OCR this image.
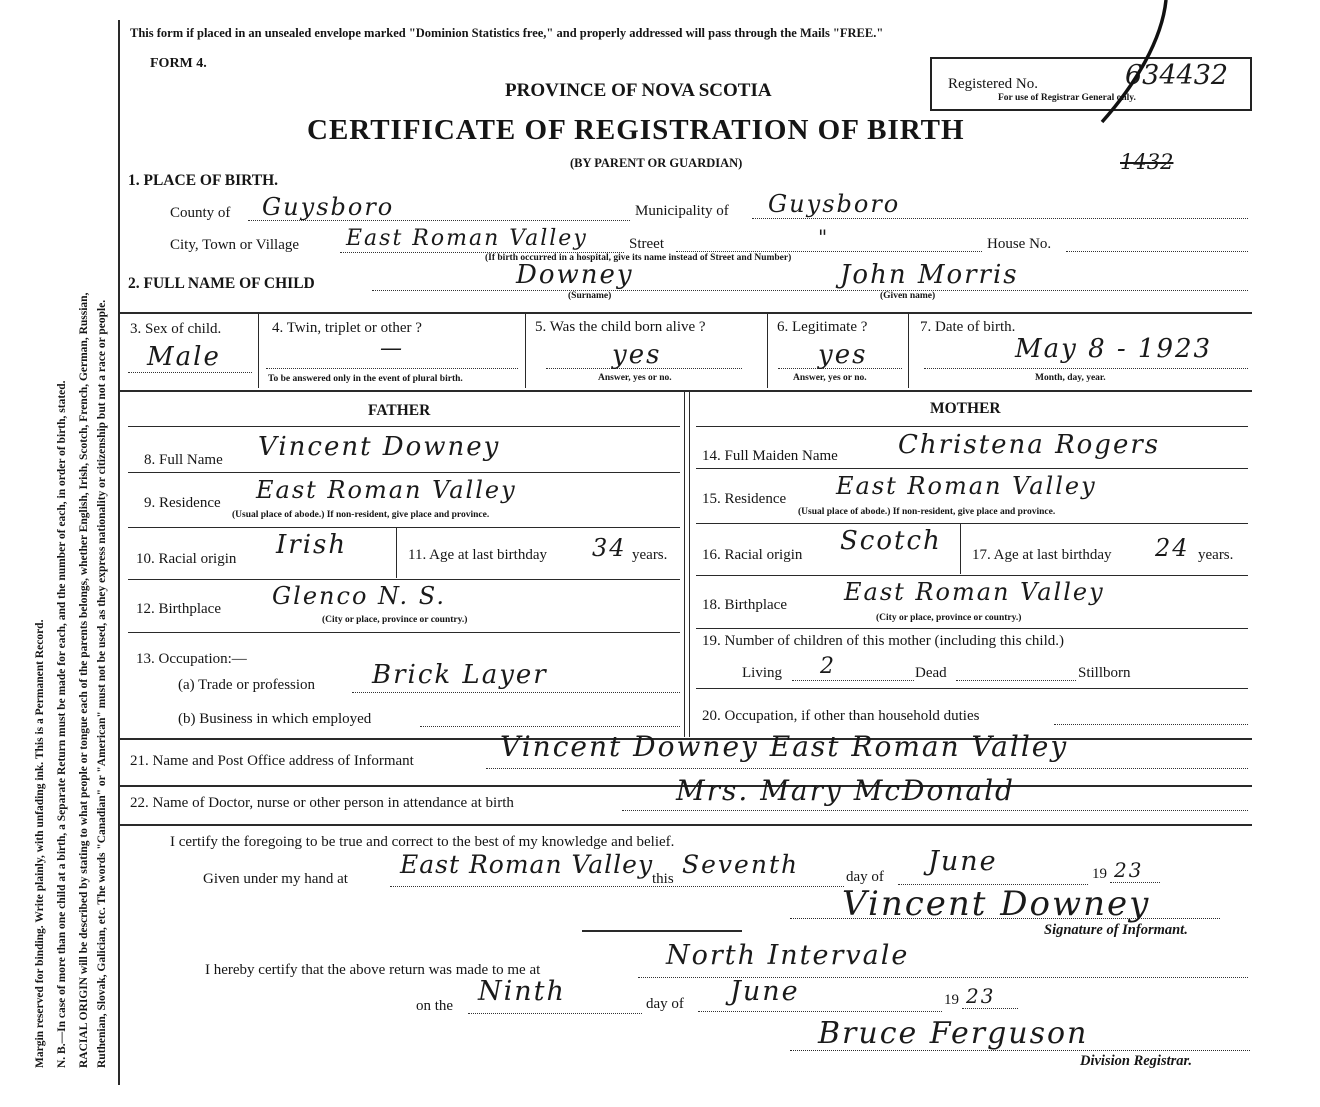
Margin reserved for binding. Write plainly, with unfading ink. This is a Permanent Record. N. B.—In case of more than one child at a birth, a Separate Return must be made for each, and the number of each, in order of birth, stated. RACIAL ORIGIN will be described by stating to what people or tongue each of the parents belongs, whether English, Irish, Scotch, French, German, Russian, Ruthenian, Slovak, Galician, etc. The words "Canadian" or "American" must not be used, as they express nationality or citizenship but not a race or people.
This form if placed in an unsealed envelope marked "Dominion Statistics free," and properly addressed will pass through the Mails "FREE."
FORM 4.
PROVINCE OF NOVA SCOTIA
CERTIFICATE OF REGISTRATION OF BIRTH
(BY PARENT OR GUARDIAN)
Registered No.	634432
For use of Registrar General only.
1432
1. PLACE OF BIRTH.
County of Guysboro	Municipality of Guysboro
City, Town or Village East Roman Valley	Street	"	House No.
(If birth occurred in a hospital, give its name instead of Street and Number)
2. FULL NAME OF CHILD	Downey
(Surname)
John Morris
(Given name)
3. Sex of child.
Male
4. Twin, triplet or other ?
—
To be answered only in the event of plural birth.
5. Was the child born alive ?
yes
Answer, yes or no.
6. Legitimate ?
yes
Answer, yes or no.
7. Date of birth.
May 8 - 1923
Month, day, year.
FATHER	MOTHER
8. Full Name Vincent Downey
9. Residence East Roman Valley
(Usual place of abode.) If non-resident, give place and province.
10. Racial origin Irish	11. Age at last birthday 34 years.
12. Birthplace Glenco N. S.
(City or place, province or country.)
13. Occupation:—
(a) Trade or profession Brick Layer
(b) Business in which employed
14. Full Maiden Name Christena Rogers
15. Residence East Roman Valley
(Usual place of abode.) If non-resident, give place and province.
16. Racial origin Scotch 17. Age at last birthday 24 years.
18. Birthplace East Roman Valley
(City or place, province or country.)
19. Number of children of this mother (including this child.)
Living 2	Dead	Stillborn
20. Occupation, if other than household duties
21. Name and Post Office address of Informant	Vincent Downey East Roman Valley
22. Name of Doctor, nurse or other person in attendance at birth	Mrs. Mary McDonald
I certify the foregoing to be true and correct to the best of my knowledge and belief.
Given under my hand at East Roman Valley
this Seventh	day of June	19 23
Vincent Downey
Signature of Informant.
I hereby certify that the above return was made to me at	North Intervale
on the Ninth	day of June	19 23
Bruce Ferguson
Division Registrar.
